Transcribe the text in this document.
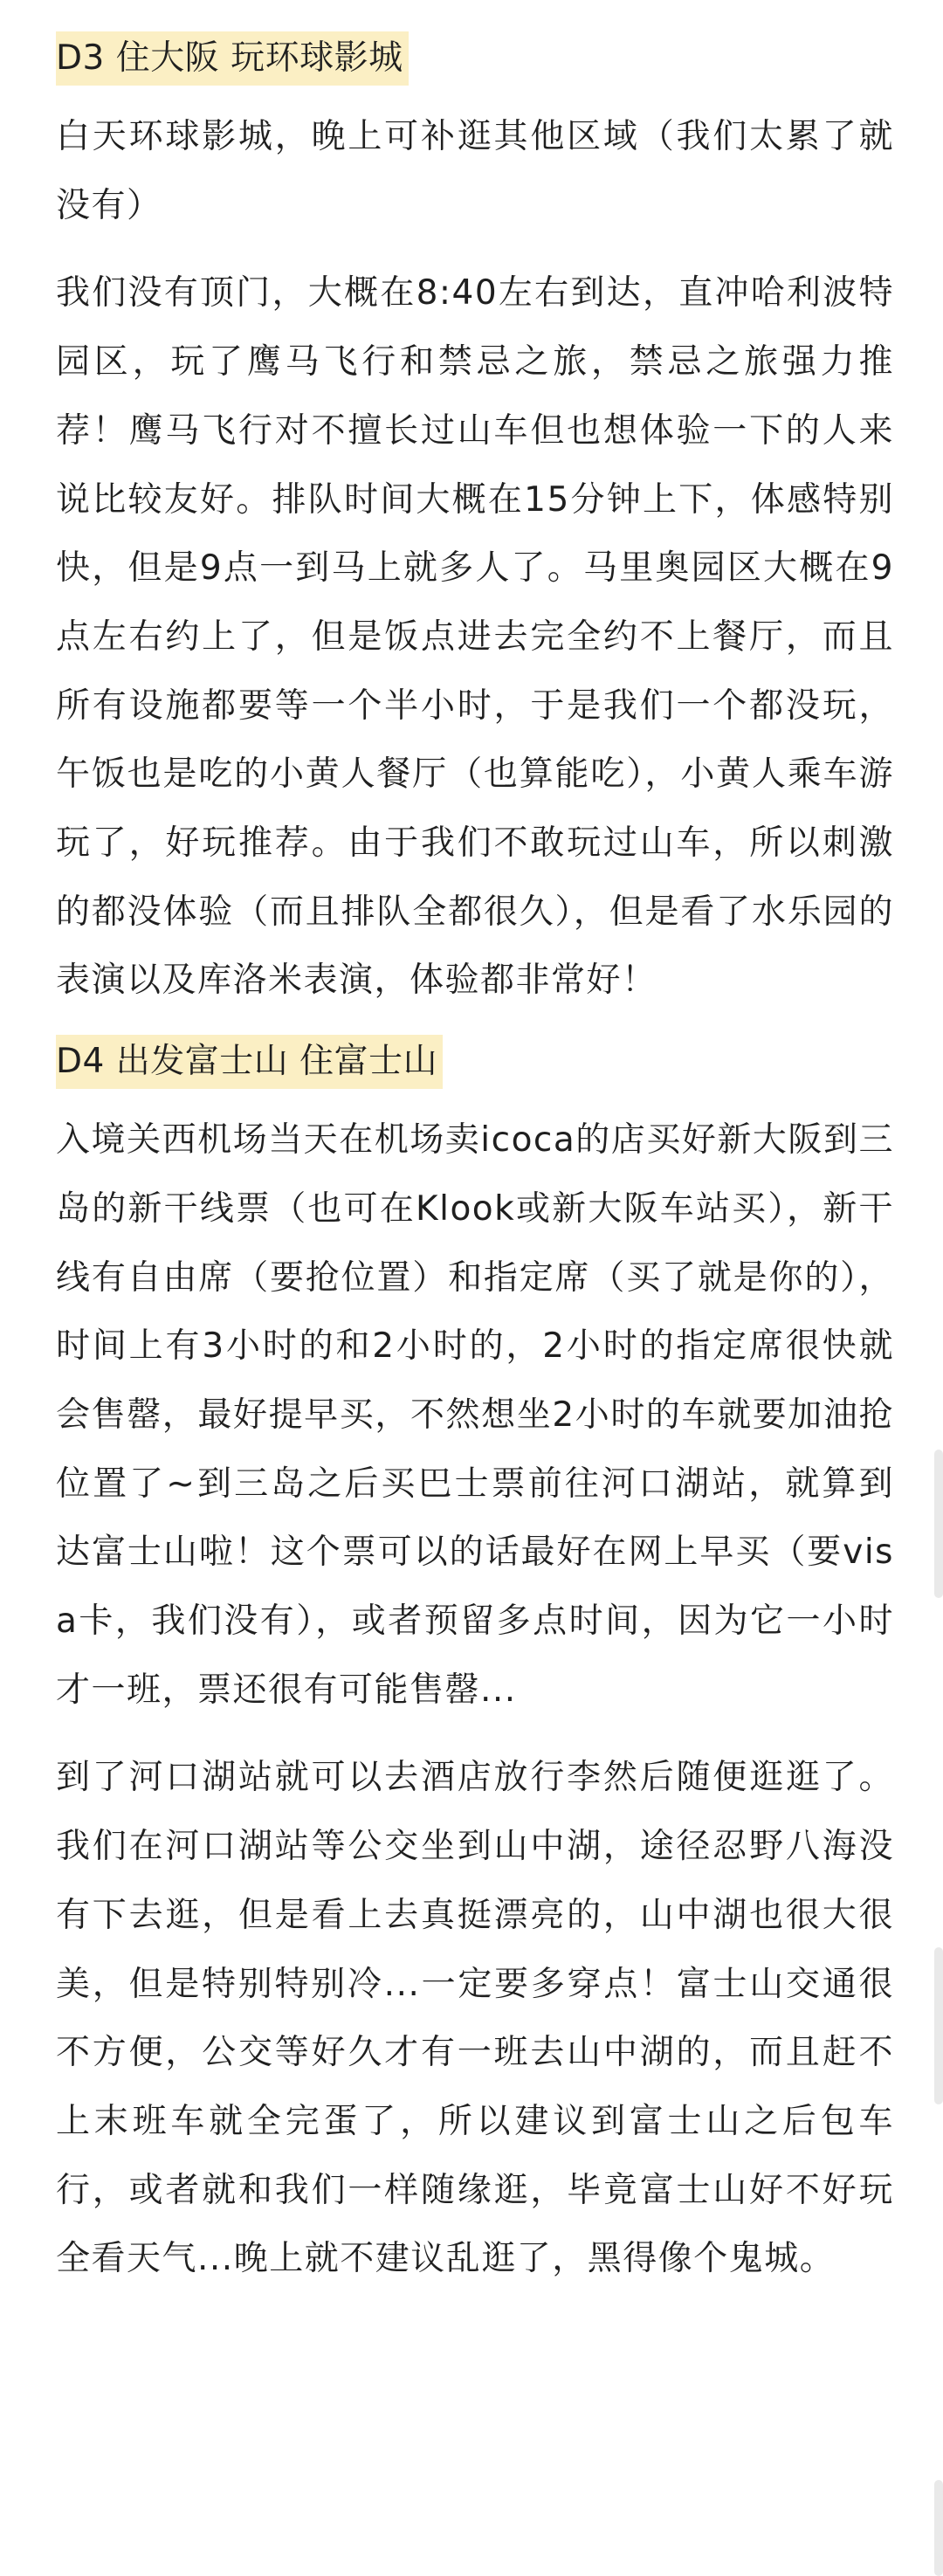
D3 住大阪 玩环球影城

白天环球影城，晚上可补逛其他区域（我们太累了就没有）

我们没有顶门，大概在8:40左右到达，直冲哈利波特园区，玩了鹰马飞行和禁忌之旅，禁忌之旅强力推荐！鹰马飞行对不擅长过山车但也想体验一下的人来说比较友好。排队时间大概在15分钟上下，体感特别快，但是9点一到马上就多人了。马里奥园区大概在9点左右约上了，但是饭点进去完全约不上餐厅，而且所有设施都要等一个半小时，于是我们一个都没玩，午饭也是吃的小黄人餐厅（也算能吃），小黄人乘车游玩了，好玩推荐。由于我们不敢玩过山车，所以刺激的都没体验（而且排队全都很久），但是看了水乐园的表演以及库洛米表演，体验都非常好！

D4 出发富士山 住富士山

入境关西机场当天在机场卖icoca的店买好新大阪到三岛的新干线票（也可在Klook或新大阪车站买），新干线有自由席（要抢位置）和指定席（买了就是你的），时间上有3小时的和2小时的，2小时的指定席很快就会售罄，最好提早买，不然想坐2小时的车就要加油抢位置了~到三岛之后买巴士票前往河口湖站，就算到达富士山啦！这个票可以的话最好在网上早买（要visa卡，我们没有），或者预留多点时间，因为它一小时才一班，票还很有可能售罄...

到了河口湖站就可以去酒店放行李然后随便逛逛了。我们在河口湖站等公交坐到山中湖，途径忍野八海没有下去逛，但是看上去真挺漂亮的，山中湖也很大很美，但是特别特别冷...一定要多穿点！富士山交通很不方便，公交等好久才有一班去山中湖的，而且赶不上末班车就全完蛋了，所以建议到富士山之后包车行，或者就和我们一样随缘逛，毕竟富士山好不好玩全看天气...晚上就不建议乱逛了，黑得像个鬼城。
